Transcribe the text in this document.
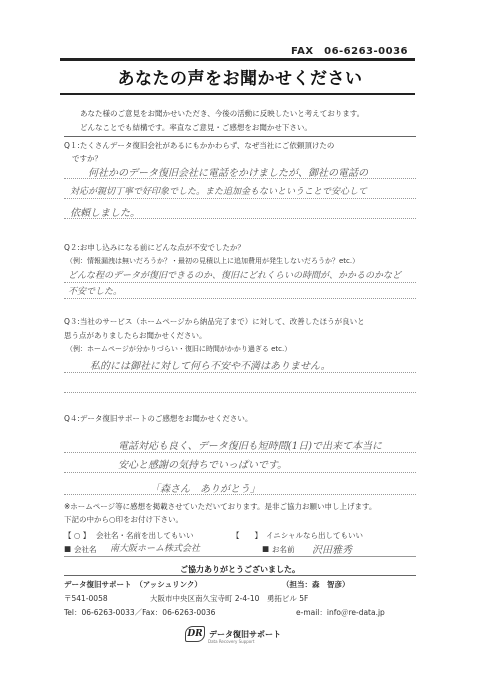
FAX　06-6263-0036
あなたの声をお聞かせください
あなた様のご意見をお聞かせいただき、今後の活動に反映したいと考えております。
どんなことでも結構です。率直なご意見・ご感想をお聞かせ下さい。
Q１:たくさんデータ復旧会社があるにもかかわらず、なぜ当社にご依頼頂けたの
ですか？
何社かのデータ復旧会社に電話をかけましたが、御社の電話の
対応が親切丁寧で好印象でした。また追加金もないということで安心して
依頼しました。
Q２:お申し込みになる前にどんな点が不安でしたか？
（例：情報漏洩は無いだろうか？・最初の見積以上に追加費用が発生しないだろうか？etc.）
どんな程のデータが復旧できるのか、復旧にどれくらいの時間が、かかるのかなど
不安でした。
Q３:当社のサービス（ホームページから納品完了まで）に対して、改善したほうが良いと
思う点がありましたらお聞かせください。
（例：ホームページが分かりづらい・復旧に時間がかかり過ぎる etc.）
私的には御社に対して何ら不安や不満はありません。
Q４:データ復旧サポートのご感想をお聞かせください。
電話対応も良く、データ復旧も短時間(1日)で出来て本当に
安心と感謝の気持ちでいっぱいです。
「森さん　ありがとう」
※ホームページ等に感想を掲載させていただいております。是非ご協力お願い申し上げます。
下記の中から○印をお付け下さい。
【 ○ 】 会社名・名前を出してもいい	【　　】 イニシャルなら出してもいい
■ 会社名 南大阪ホーム株式会社	■ お名前 沢田雅秀
ご協力ありがとうございました。
データ復旧サポート　（アッシュリンク）	（担当：森　智彦）
〒541-0058	大阪市中央区南久宝寺町 2-4-10　勇拓ビル 5F
Tel：06-6263-0033／Fax：06-6263-0036	e-mail：info＠re-data.jp
DR データ復旧サポート
Data Recovery Support
